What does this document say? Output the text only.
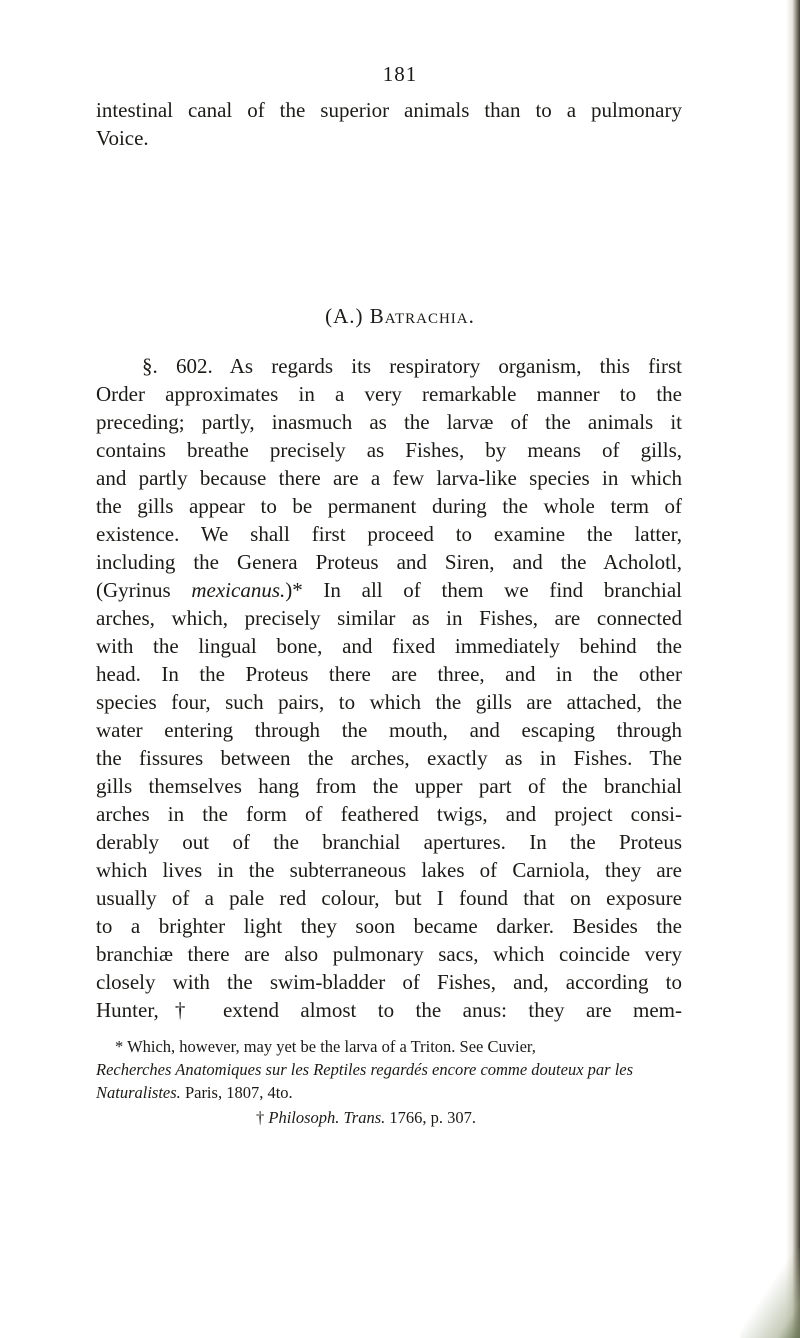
181
intestinal canal of the superior animals than to a pulmonary
Voice.
(A.) Batrachia.
§. 602. As regards its respiratory organism, this first
Order approximates in a very remarkable manner to the
preceding; partly, inasmuch as the larvæ of the animals it
contains breathe precisely as Fishes, by means of gills,
and partly because there are a few larva-like species in which
the gills appear to be permanent during the whole term of
existence. We shall first proceed to examine the latter,
including the Genera Proteus and Siren, and the Acholotl,
(Gyrinus mexicanus.)* In all of them we find branchial
arches, which, precisely similar as in Fishes, are connected
with the lingual bone, and fixed immediately behind the
head. In the Proteus there are three, and in the other
species four, such pairs, to which the gills are attached, the
water entering through the mouth, and escaping through
the fissures between the arches, exactly as in Fishes. The
gills themselves hang from the upper part of the branchial
arches in the form of feathered twigs, and project consi-
derably out of the branchial apertures. In the Proteus
which lives in the subterraneous lakes of Carniola, they are
usually of a pale red colour, but I found that on exposure
to a brighter light they soon became darker. Besides the
branchiæ there are also pulmonary sacs, which coincide very
closely with the swim-bladder of Fishes, and, according to
Hunter,† extend almost to the anus: they are mem-
* Which, however, may yet be the larva of a Triton. See Cuvier,
Recherches Anatomiques sur les Reptiles regardés encore comme douteux par les
Naturalistes. Paris, 1807, 4to.
† Philosoph. Trans. 1766, p. 307.
